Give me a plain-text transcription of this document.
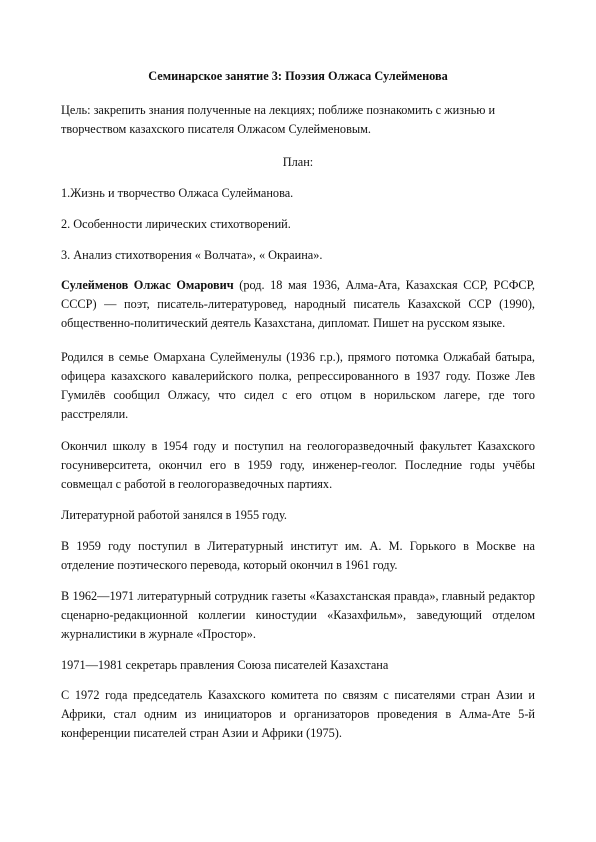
Семинарское занятие 3: Поэзия Олжаса Сулейменова
Цель: закрепить знания полученные на лекциях; поближе познакомить с жизнью и
творчеством казахского писателя Олжасом Сулейменовым.
План:
1.Жизнь и творчество Олжаса Сулейманова.
2. Особенности лирических стихотворений.
3. Анализ стихотворения « Волчата», « Окраина».

Сулейменов Олжас Омарович (род. 18 мая 1936, Алма-Ата, Казахская ССР, РСФСР, СССР) — поэт, писатель-литературовед, народный писатель Казахской ССР (1990), общественно-политический деятель Казахстана, дипломат. Пишет на русском языке.

Родился в семье Омархана Сулейменулы (1936 г.р.), прямого потомка Олжабай батыра, офицера казахского кавалерийского полка, репрессированного в 1937 году. Позже Лев Гумилёв сообщил Олжасу, что сидел с его отцом в норильском лагере, где того расстреляли.

Окончил школу в 1954 году и поступил на геологоразведочный факультет Казахского госуниверситета, окончил его в 1959 году, инженер-геолог. Последние годы учёбы совмещал с работой в геологоразведочных партиях.

Литературной работой занялся в 1955 году.

В 1959 году поступил в Литературный институт им. А. М. Горького в Москве на отделение поэтического перевода, который окончил в 1961 году.

В 1962—1971 литературный сотрудник газеты «Казахстанская правда», главный редактор сценарно-редакционной коллегии киностудии «Казахфильм», заведующий отделом журналистики в журнале «Простор».

1971—1981 секретарь правления Союза писателей Казахстана

С 1972 года председатель Казахского комитета по связям с писателями стран Азии и Африки, стал одним из инициаторов и организаторов проведения в Алма-Ате 5-й конференции писателей стран Азии и Африки (1975).
